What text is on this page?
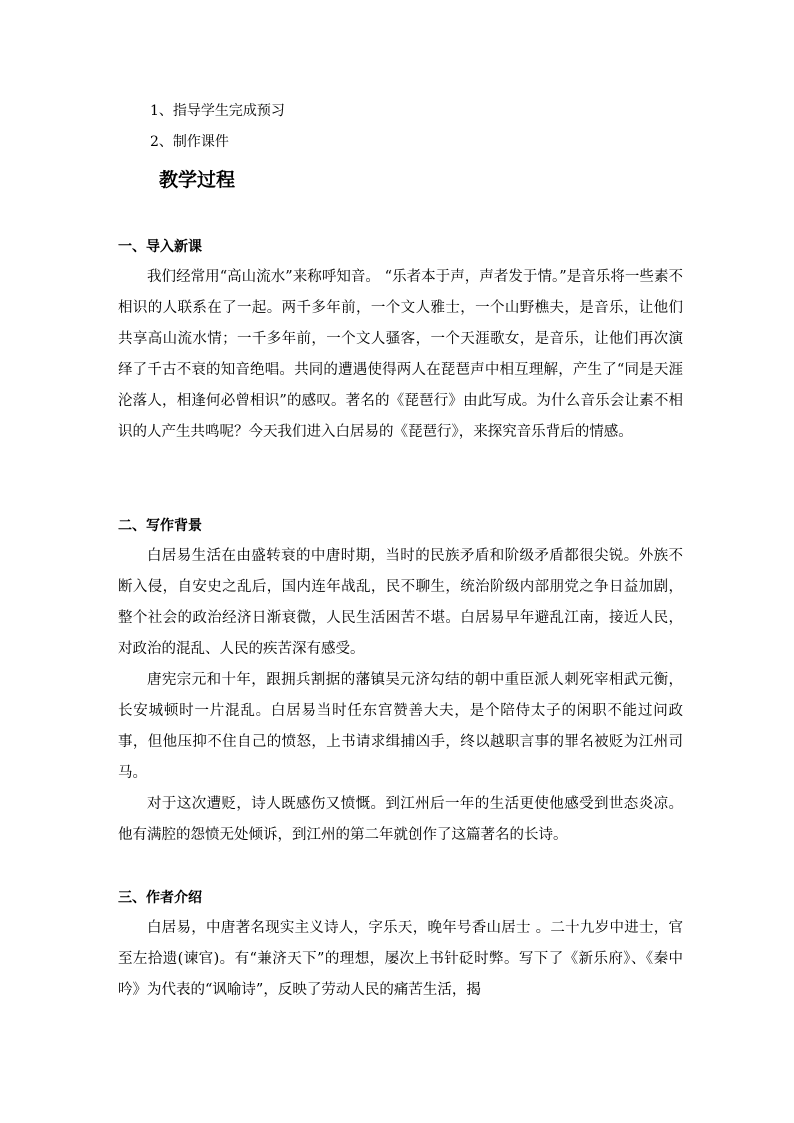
1、指导学生完成预习
2、制作课件
教学过程
一、导入新课

我们经常用“高山流水”来称呼知音。 “乐者本于声，声者发于情。”是音乐将一些素不相识的人联系在了一起。两千多年前，一个文人雅士，一个山野樵夫，是音乐，让他们共享高山流水情；一千多年前，一个文人骚客，一个天涯歌女，是音乐，让他们再次演绎了千古不衰的知音绝唱。共同的遭遇使得两人在琵琶声中相互理解，产生了“同是天涯沦落人，相逢何必曾相识”的感叹。著名的《琵琶行》由此写成。为什么音乐会让素不相识的人产生共鸣呢？今天我们进入白居易的《琵琶行》，来探究音乐背后的情感。

二、写作背景

白居易生活在由盛转衰的中唐时期，当时的民族矛盾和阶级矛盾都很尖锐。外族不断入侵，自安史之乱后，国内连年战乱，民不聊生，统治阶级内部朋党之争日益加剧，整个社会的政治经济日渐衰微，人民生活困苦不堪。白居易早年避乱江南，接近人民，对政治的混乱、人民的疾苦深有感受。

唐宪宗元和十年，跟拥兵割据的藩镇吴元济勾结的朝中重臣派人刺死宰相武元衡，长安城顿时一片混乱。白居易当时任东宫赞善大夫，是个陪侍太子的闲职不能过问政事，但他压抑不住自己的愤怒，上书请求缉捕凶手，终以越职言事的罪名被贬为江州司马。

对于这次遭贬，诗人既感伤又愤慨。到江州后一年的生活更使他感受到世态炎凉。他有满腔的怨愤无处倾诉，到江州的第二年就创作了这篇著名的长诗。

三、作者介绍

白居易，中唐著名现实主义诗人，字乐天，晚年号香山居士 。二十九岁中进士，官至左拾遗(谏官)。有“兼济天下”的理想，屡次上书针砭时弊。写下了《新乐府》、《秦中吟》为代表的“讽喻诗”，反映了劳动人民的痛苦生活，揭
